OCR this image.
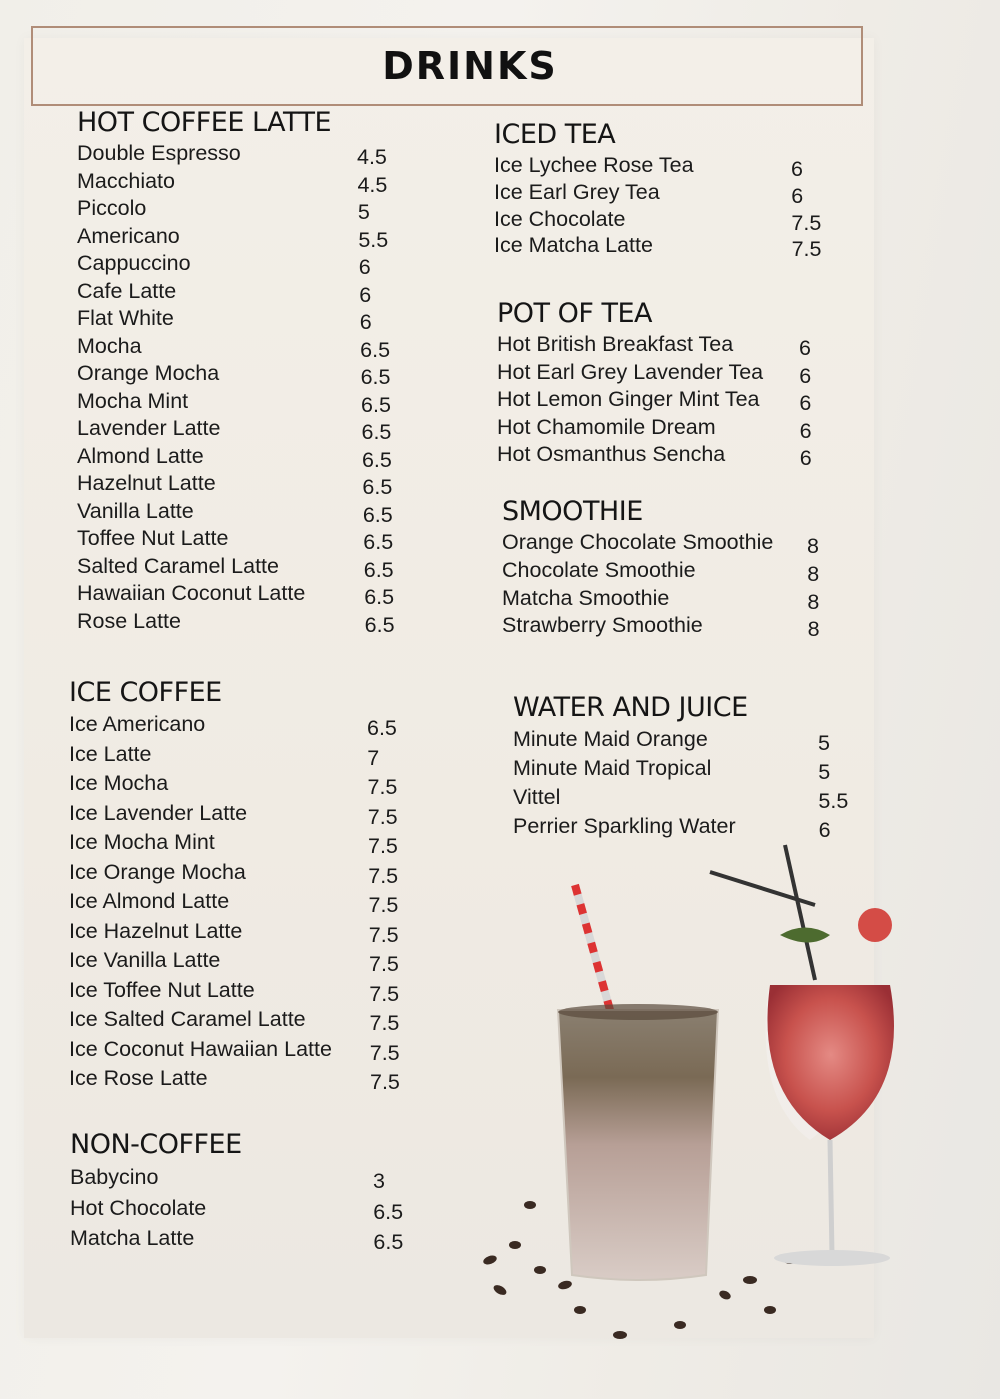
DRINKS
HOT COFFEE LATTE
Double Espresso	4.5
Macchiato	4.5
Piccolo	5
Americano	5.5
Cappuccino	6
Cafe Latte	6
Flat White	6
Mocha	6.5
Orange Mocha	6.5
Mocha Mint	6.5
Lavender Latte	6.5
Almond Latte	6.5
Hazelnut Latte	6.5
Vanilla Latte	6.5
Toffee Nut Latte	6.5
Salted Caramel Latte	6.5
Hawaiian Coconut Latte	6.5
Rose Latte	6.5
ICE COFFEE
Ice Americano	6.5
Ice Latte	7
Ice Mocha	7.5
Ice Lavender Latte	7.5
Ice Mocha Mint	7.5
Ice Orange Mocha	7.5
Ice Almond Latte	7.5
Ice Hazelnut Latte	7.5
Ice Vanilla Latte	7.5
Ice Toffee Nut Latte	7.5
Ice Salted Caramel Latte	7.5
Ice Coconut Hawaiian Latte 7.5
Ice Rose Latte	7.5
NON-COFFEE
Babycino	3
Hot Chocolate	6.5
Matcha Latte	6.5
ICED TEA
Ice Lychee Rose Tea	6
Ice Earl Grey Tea	6
Ice Chocolate	7.5
Ice Matcha Latte	7.5
POT OF TEA
Hot British Breakfast Tea	6
Hot Earl Grey Lavender Tea 6
Hot Lemon Ginger Mint Tea 6
Hot Chamomile Dream	6
Hot Osmanthus Sencha	6
SMOOTHIE
Orange Chocolate Smoothie 8
Chocolate Smoothie	8
Matcha Smoothie	8
Strawberry Smoothie	8
WATER AND JUICE
Minute Maid Orange	5
Minute Maid Tropical	5
Vittel	5.5
Perrier Sparkling Water	6
